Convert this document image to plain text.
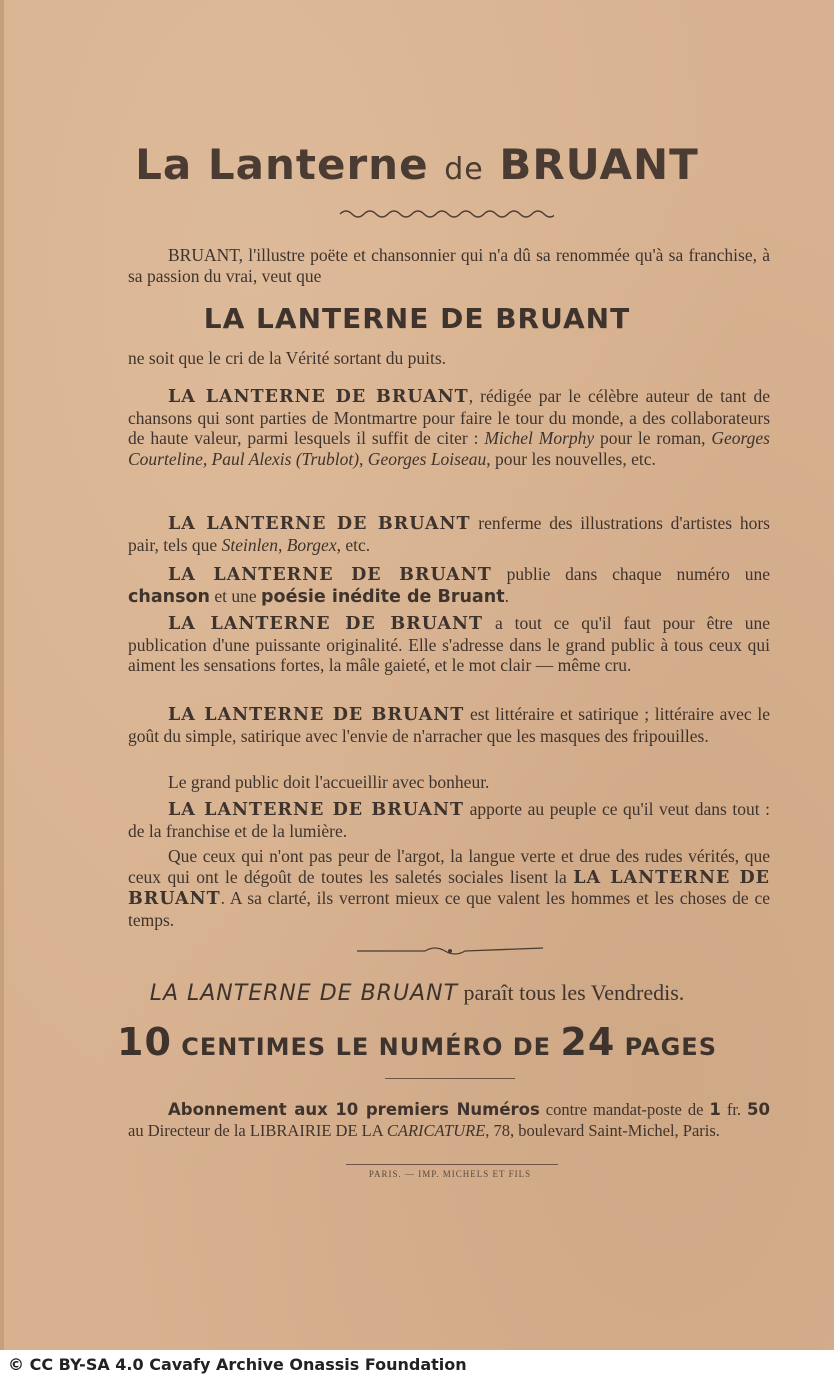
La Lanterne de BRUANT
BRUANT, l'illustre poëte et chansonnier qui n'a dû sa renommée qu'à sa franchise, à sa passion du vrai, veut que
LA LANTERNE DE BRUANT
ne soit que le cri de la Vérité sortant du puits.
LA LANTERNE DE BRUANT, rédigée par le célèbre auteur de tant de chansons qui sont parties de Montmartre pour faire le tour du monde, a des collaborateurs de haute valeur, parmi lesquels il suffit de citer : Michel Morphy pour le roman, Georges Courteline, Paul Alexis (Trublot), Georges Loiseau, pour les nouvelles, etc.
LA LANTERNE DE BRUANT renferme des illustrations d'artistes hors pair, tels que Steinlen, Borgex, etc.
LA LANTERNE DE BRUANT publie dans chaque numéro une chanson et une poésie inédite de Bruant.
LA LANTERNE DE BRUANT a tout ce qu'il faut pour être une publication d'une puissante originalité. Elle s'adresse dans le grand public à tous ceux qui aiment les sensations fortes, la mâle gaieté, et le mot clair — même cru.
LA LANTERNE DE BRUANT est littéraire et satirique ; littéraire avec le goût du simple, satirique avec l'envie de n'arracher que les masques des fripouilles.
Le grand public doit l'accueillir avec bonheur.
LA LANTERNE DE BRUANT apporte au peuple ce qu'il veut dans tout : de la franchise et de la lumière.
Que ceux qui n'ont pas peur de l'argot, la langue verte et drue des rudes vérités, que ceux qui ont le dégoût de toutes les saletés sociales lisent la LA LANTERNE DE BRUANT. A sa clarté, ils verront mieux ce que valent les hommes et les choses de ce temps.
LA LANTERNE DE BRUANT paraît tous les Vendredis.
10 CENTIMES LE NUMÉRO DE 24 PAGES
Abonnement aux 10 premiers Numéros contre mandat-poste de 1 fr. 50 au Directeur de la LIBRAIRIE DE LA CARICATURE, 78, boulevard Saint-Michel, Paris.
PARIS. — IMP. MICHELS ET FILS
© CC BY-SA 4.0 Cavafy Archive Onassis Foundation
